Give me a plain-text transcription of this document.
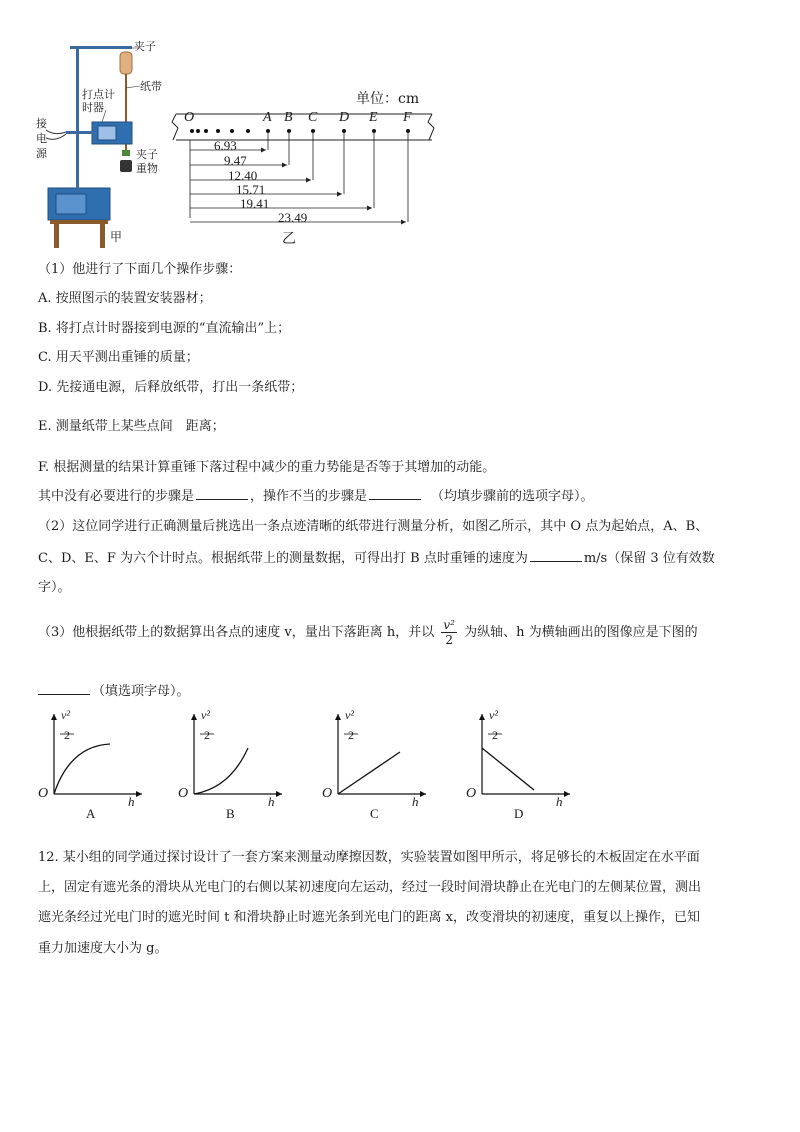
夹子
纸带
打点计时器
接电源	夹子
重物
甲
单位：cm
O	A B C D E F
6.93
9.47
12.40
15.71
19.41
23.49
乙
（1）他进行了下面几个操作步骤：
A. 按照图示的装置安装器材；
B. 将打点计时器接到电源的“直流输出”上；
C. 用天平测出重锤的质量；
D. 先接通电源，后释放纸带，打出一条纸带；
E. 测量纸带上某些点间　距离；
F. 根据测量的结果计算重锤下落过程中减少的重力势能是否等于其增加的动能。
其中没有必要进行的步骤是	，操作不当的步骤是	（均填步骤前的选项字母）。
（2）这位同学进行正确测量后挑选出一条点迹清晰的纸带进行测量分析，如图乙所示，其中 O 点为起始点，A、B、
C、D、E、F 为六个计时点。根据纸带上的测量数据，可得出打 B 点时重锤的速度为	m/s（保留 3 位有效数
字）。
（3）他根据纸带上的数据算出各点的速度 v，量出下落距离 h，并以 $\frac{\text{v²}}{2}$ 为纵轴、h 为横轴画出的图像应是下图的
（填选项字母）。
v²
2
O
h
A
v²
2
O
h
B
v²
2
O
h
C
v²
2
O
h
D
12. 某小组的同学通过探讨设计了一套方案来测量动摩擦因数，实验装置如图甲所示，将足够长的木板固定在水平面
上，固定有遮光条的滑块从光电门的右侧以某初速度向左运动，经过一段时间滑块静止在光电门的左侧某位置，测出
遮光条经过光电门时的遮光时间 t 和滑块静止时遮光条到光电门的距离 x，改变滑块的初速度，重复以上操作，已知
重力加速度大小为 g。
